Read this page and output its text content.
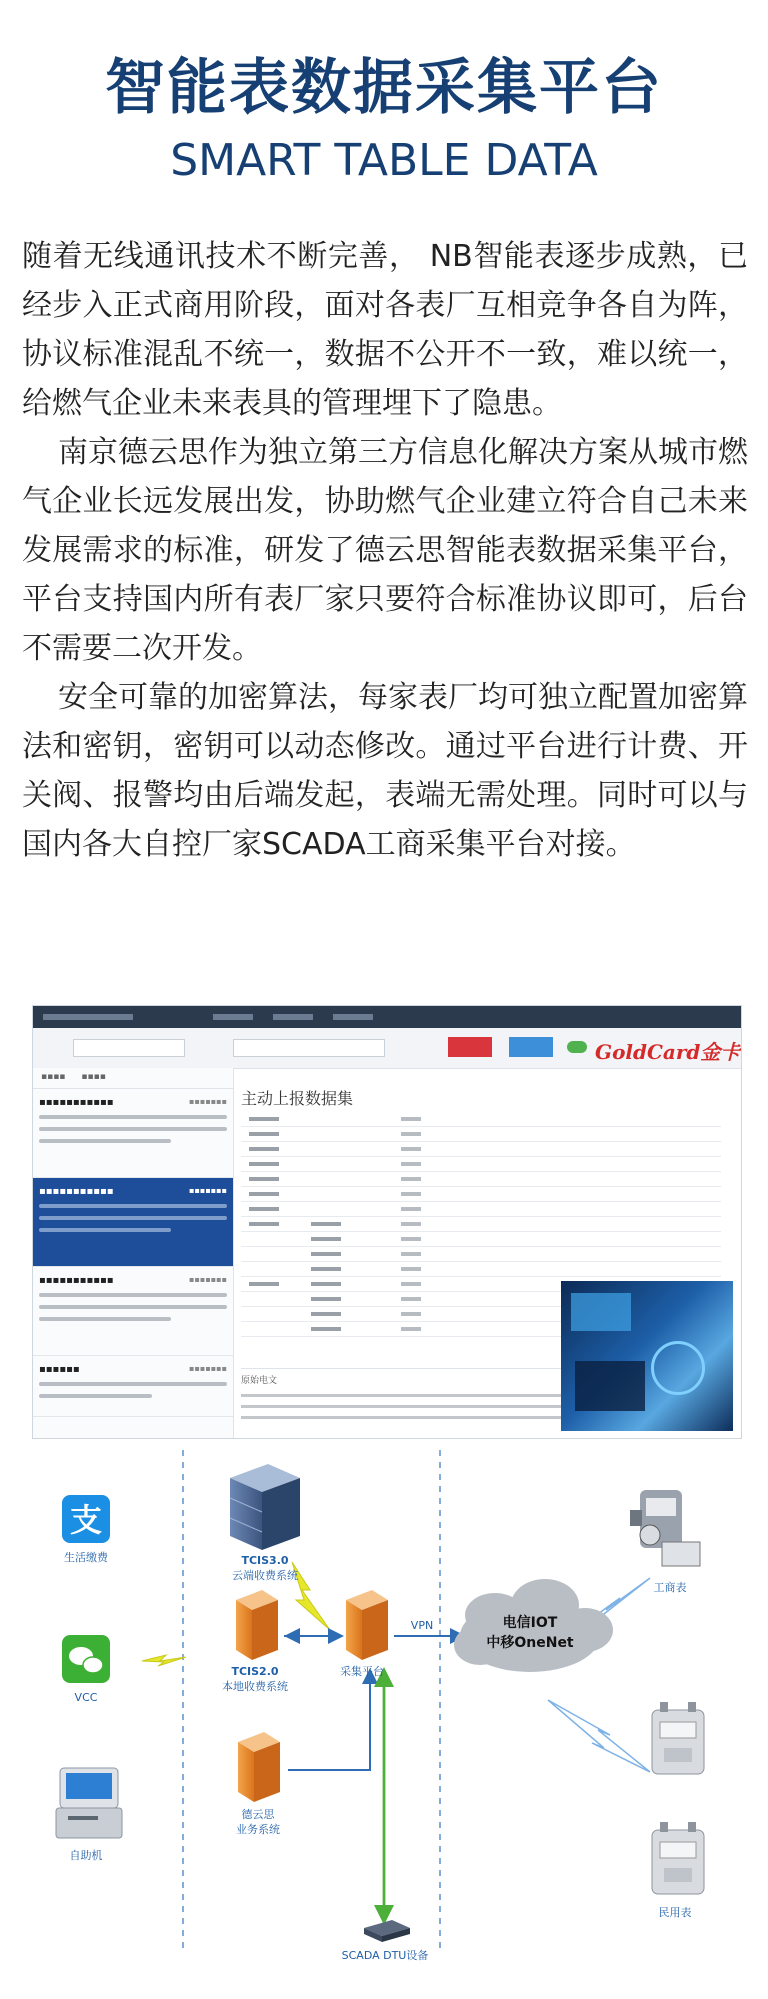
智能表数据采集平台
SMART TABLE DATA

随着无线通讯技术不断完善， NB智能表逐步成熟，已经步入正式商用阶段，面对各表厂互相竞争各自为阵，协议标准混乱不统一，数据不公开不一致，难以统一，给燃气企业未来表具的管理埋下了隐患。

南京德云思作为独立第三方信息化解决方案从城市燃气企业长远发展出发，协助燃气企业建立符合自己未来发展需求的标准，研发了德云思智能表数据采集平台，平台支持国内所有表厂家只要符合标准协议即可，后台不需要二次开发。

安全可靠的加密算法，每家表厂均可独立配置加密算法和密钥，密钥可以动态修改。通过平台进行计费、开关阀、报警均由后端发起，表端无需处理。同时可以与国内各大自控厂家SCADA工商采集平台对接。

GoldCard金卡
▪▪▪▪ ▪▪▪▪
▪▪▪▪▪▪▪▪▪▪▪	▪▪▪▪▪▪▪
▪▪▪▪▪▪▪▪▪▪▪	▪▪▪▪▪▪▪
▪▪▪▪▪▪▪▪▪▪▪	▪▪▪▪▪▪▪
▪▪▪▪▪▪	▪▪▪▪▪▪▪
主动上报数据集
原始电文
支
生活缴费
VCC
自助机
TCIS3.0
云端收费系统
TCIS2.0
本地收费系统
采集平台
德云思
业务系统
SCADA DTU设备
VPN	电信IOT
中移OneNet
工商表
民用表
